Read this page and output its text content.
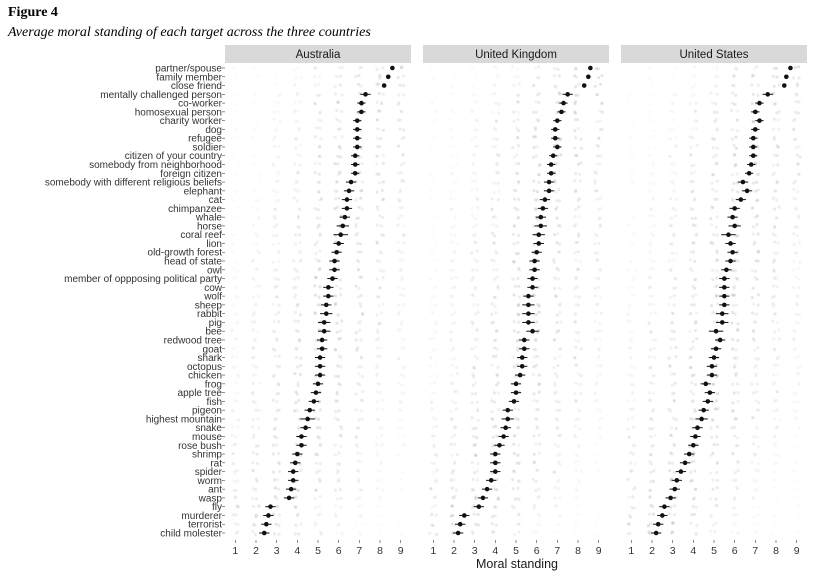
Figure 4
Average moral standing of each target across the three countries
partner/spouse
family member
close friend
mentally challenged person
co-worker
homosexual person
charity worker
dog
refugee
soldier
citizen of your country
somebody from neighborhood
foreign citizen
somebody with different religious beliefs
elephant
cat
chimpanzee
whale
horse
coral reef
lion
old-growth forest
head of state
owl
member of oppposing political party
cow
wolf
sheep
rabbit
pig
bee
redwood tree
goat
shark
octopus
chicken
frog
apple tree
fish
pigeon
highest mountain
snake
mouse
rose bush
shrimp
rat
spider
worm
ant
wasp
fly
murderer
terrorist
child molester
Australia
1 2 3 4 5 6 7 8 9
United Kingdom
1 2 3 4 5 6 7 8 9
United States
1 2 3 4 5 6 7 8 9
Moral standing
